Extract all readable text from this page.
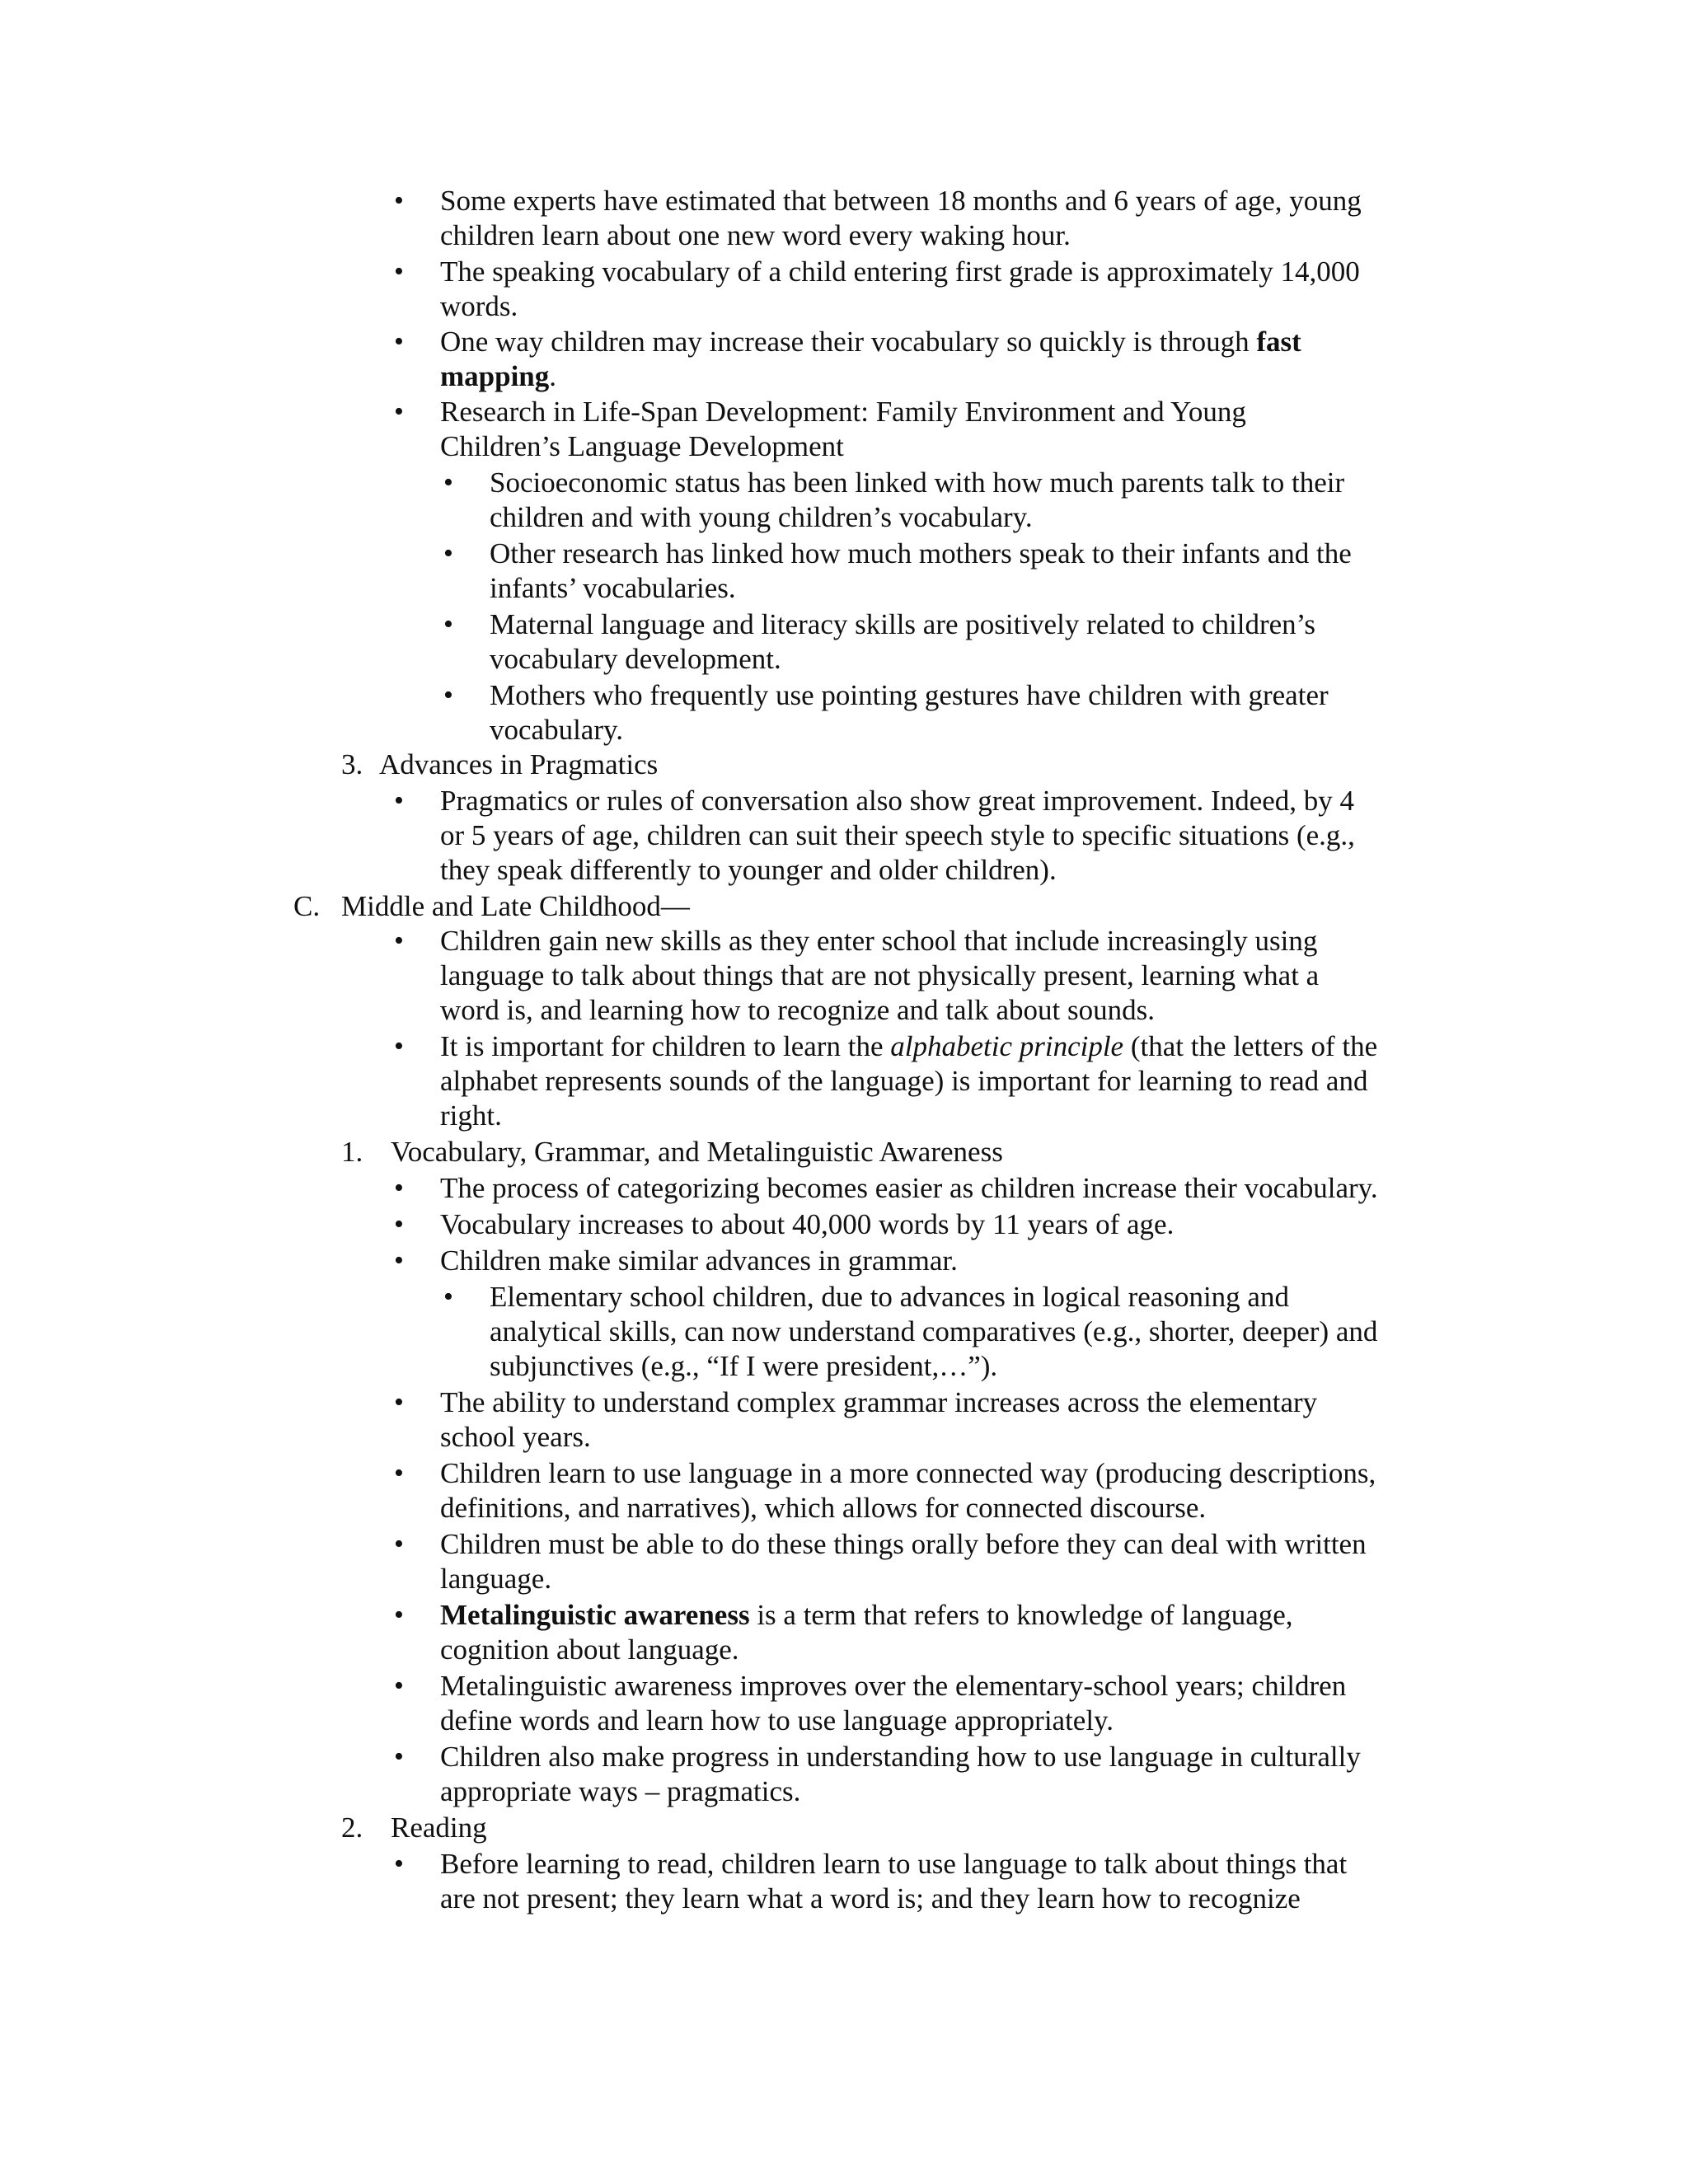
• Some experts have estimated that between 18 months and 6 years of age, young
children learn about one new word every waking hour.
• The speaking vocabulary of a child entering first grade is approximately 14,000
words.
• One way children may increase their vocabulary so quickly is through fast
mapping.
• Research in Life-Span Development: Family Environment and Young
Children’s Language Development
• Socioeconomic status has been linked with how much parents talk to their
children and with young children’s vocabulary.
• Other research has linked how much mothers speak to their infants and the
infants’ vocabularies.
• Maternal language and literacy skills are positively related to children’s
vocabulary development.
• Mothers who frequently use pointing gestures have children with greater
vocabulary.
3. Advances in Pragmatics
• Pragmatics or rules of conversation also show great improvement. Indeed, by 4
or 5 years of age, children can suit their speech style to specific situations (e.g.,
they speak differently to younger and older children).
C. Middle and Late Childhood—
• Children gain new skills as they enter school that include increasingly using
language to talk about things that are not physically present, learning what a
word is, and learning how to recognize and talk about sounds.
• It is important for children to learn the alphabetic principle (that the letters of the
alphabet represents sounds of the language) is important for learning to read and
right.
1. Vocabulary, Grammar, and Metalinguistic Awareness
• The process of categorizing becomes easier as children increase their vocabulary.
• Vocabulary increases to about 40,000 words by 11 years of age.
• Children make similar advances in grammar.
• Elementary school children, due to advances in logical reasoning and
analytical skills, can now understand comparatives (e.g., shorter, deeper) and
subjunctives (e.g., “If I were president,…”).
• The ability to understand complex grammar increases across the elementary
school years.
• Children learn to use language in a more connected way (producing descriptions,
definitions, and narratives), which allows for connected discourse.
• Children must be able to do these things orally before they can deal with written
language.
• Metalinguistic awareness is a term that refers to knowledge of language,
cognition about language.
• Metalinguistic awareness improves over the elementary-school years; children
define words and learn how to use language appropriately.
• Children also make progress in understanding how to use language in culturally
appropriate ways – pragmatics.
2. Reading
• Before learning to read, children learn to use language to talk about things that
are not present; they learn what a word is; and they learn how to recognize
